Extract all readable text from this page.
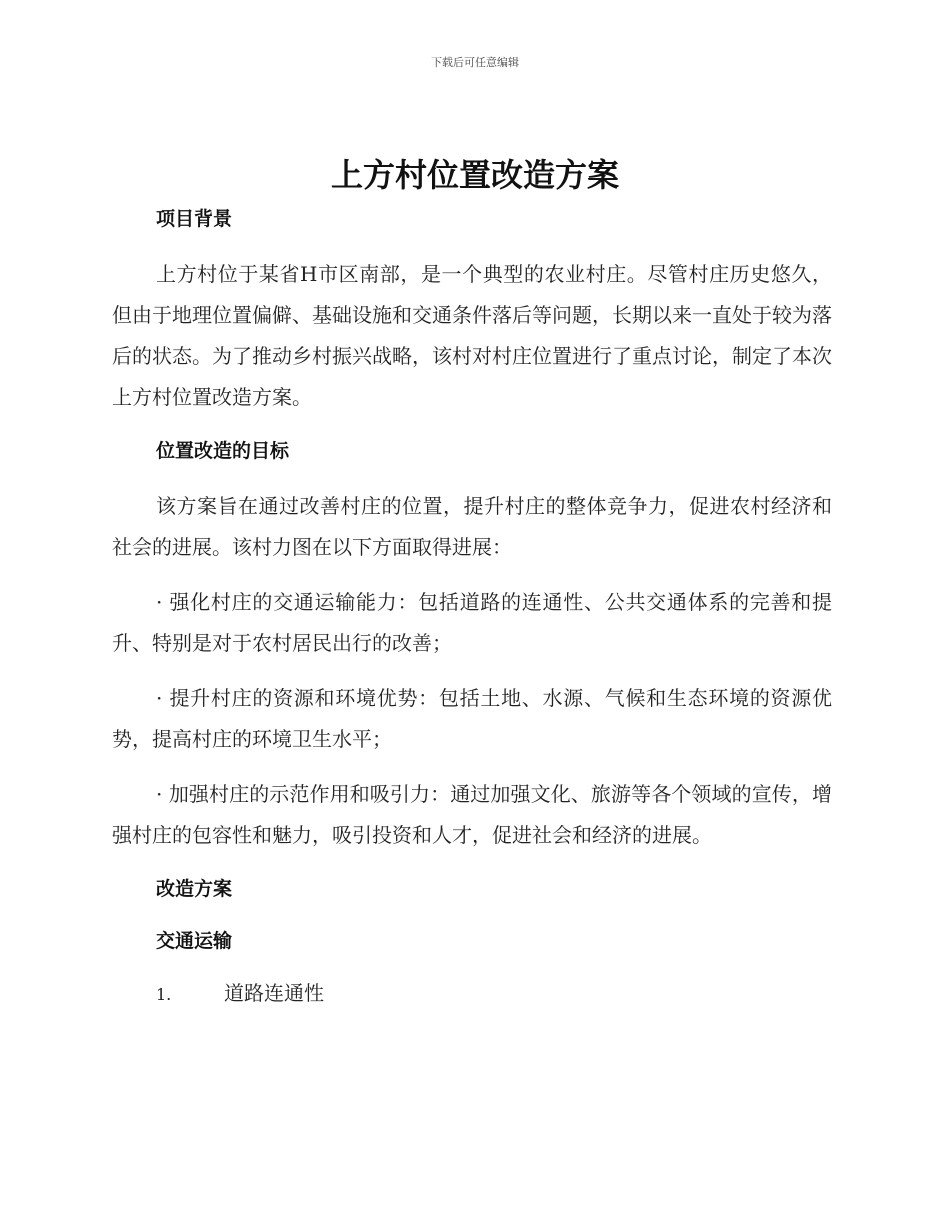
下载后可任意编辑
上方村位置改造方案

项目背景

上方村位于某省H市区南部，是一个典型的农业村庄。尽管村庄历史悠久，但由于地理位置偏僻、基础设施和交通条件落后等问题，长期以来一直处于较为落后的状态。为了推动乡村振兴战略，该村对村庄位置进行了重点讨论，制定了本次上方村位置改造方案。

位置改造的目标

该方案旨在通过改善村庄的位置，提升村庄的整体竞争力，促进农村经济和社会的进展。该村力图在以下方面取得进展：

· 强化村庄的交通运输能力：包括道路的连通性、公共交通体系的完善和提升、特别是对于农村居民出行的改善；

· 提升村庄的资源和环境优势：包括土地、水源、气候和生态环境的资源优势，提高村庄的环境卫生水平；

· 加强村庄的示范作用和吸引力：通过加强文化、旅游等各个领域的宣传，增强村庄的包容性和魅力，吸引投资和人才，促进社会和经济的进展。

改造方案

交通运输

1.	道路连通性
